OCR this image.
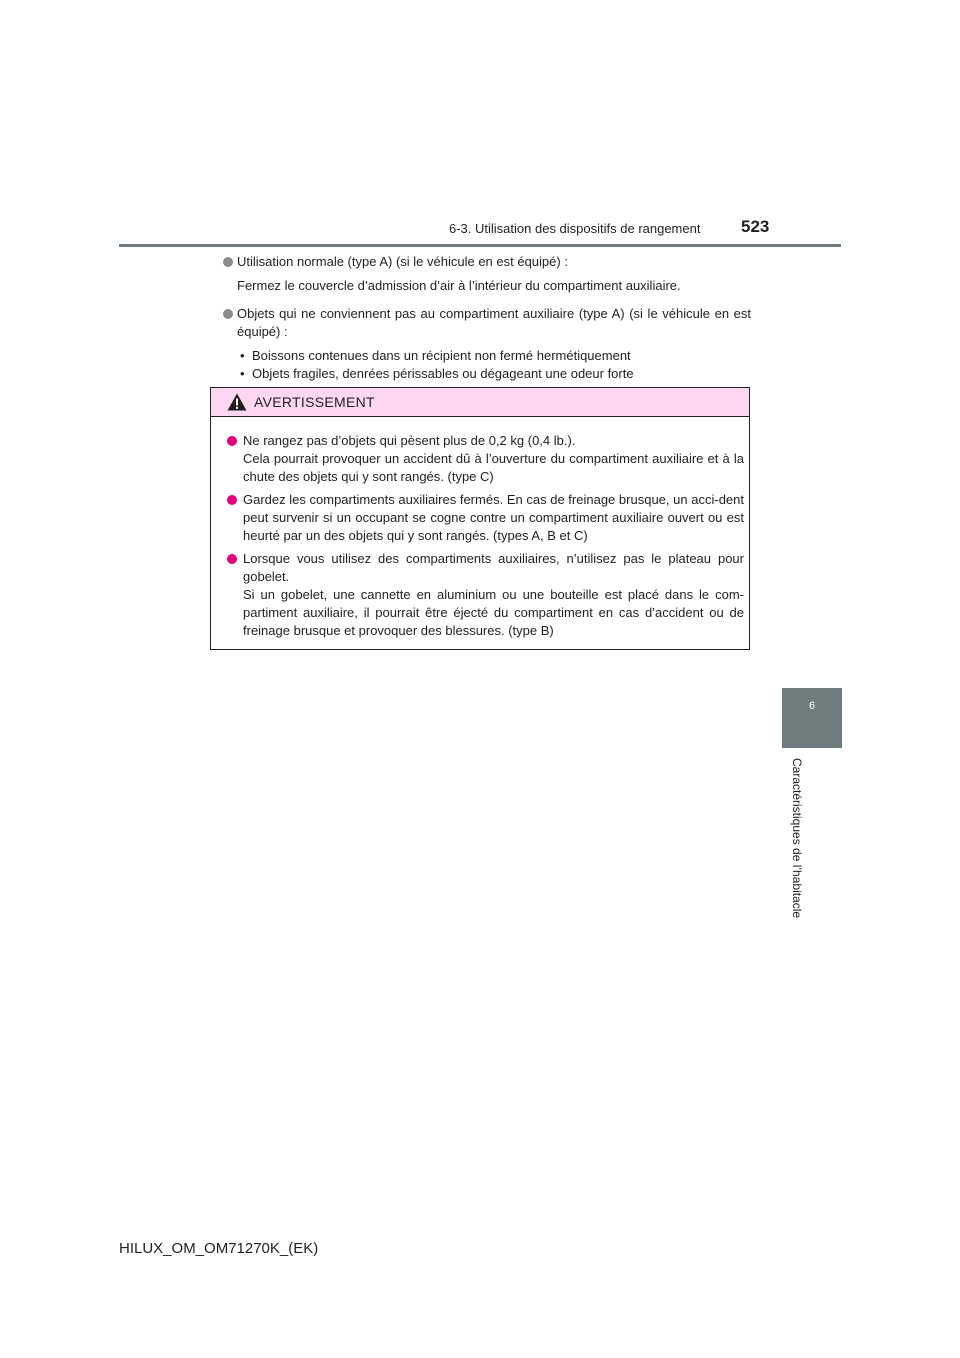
6-3. Utilisation des dispositifs de rangement 523
Utilisation normale (type A) (si le véhicule en est équipé) :

Fermez le couvercle d’admission d’air à l’intérieur du compartiment auxiliaire.

Objets qui ne conviennent pas au compartiment auxiliaire (type A) (si le véhicule en est équipé) :
• Boissons contenues dans un récipient non fermé hermétiquement
• Objets fragiles, denrées périssables ou dégageant une odeur forte
AVERTISSEMENT

Ne rangez pas d’objets qui pèsent plus de 0,2 kg (0,4 lb.).

Cela pourrait provoquer un accident dû à l’ouverture du compartiment auxiliaire et à la chute des objets qui y sont rangés. (type C)

Gardez les compartiments auxiliaires fermés. En cas de freinage brusque, un acci-dent peut survenir si un occupant se cogne contre un compartiment auxiliaire ouvert ou est heurté par un des objets qui y sont rangés. (types A, B et C)

Lorsque vous utilisez des compartiments auxiliaires, n’utilisez pas le plateau pour gobelet.

Si un gobelet, une cannette en aluminium ou une bouteille est placé dans le com-partiment auxiliaire, il pourrait être éjecté du compartiment en cas d’accident ou de freinage brusque et provoquer des blessures. (type B)

6
Caractéristiques de l’habitacle
HILUX_OM_OM71270K_(EK)
